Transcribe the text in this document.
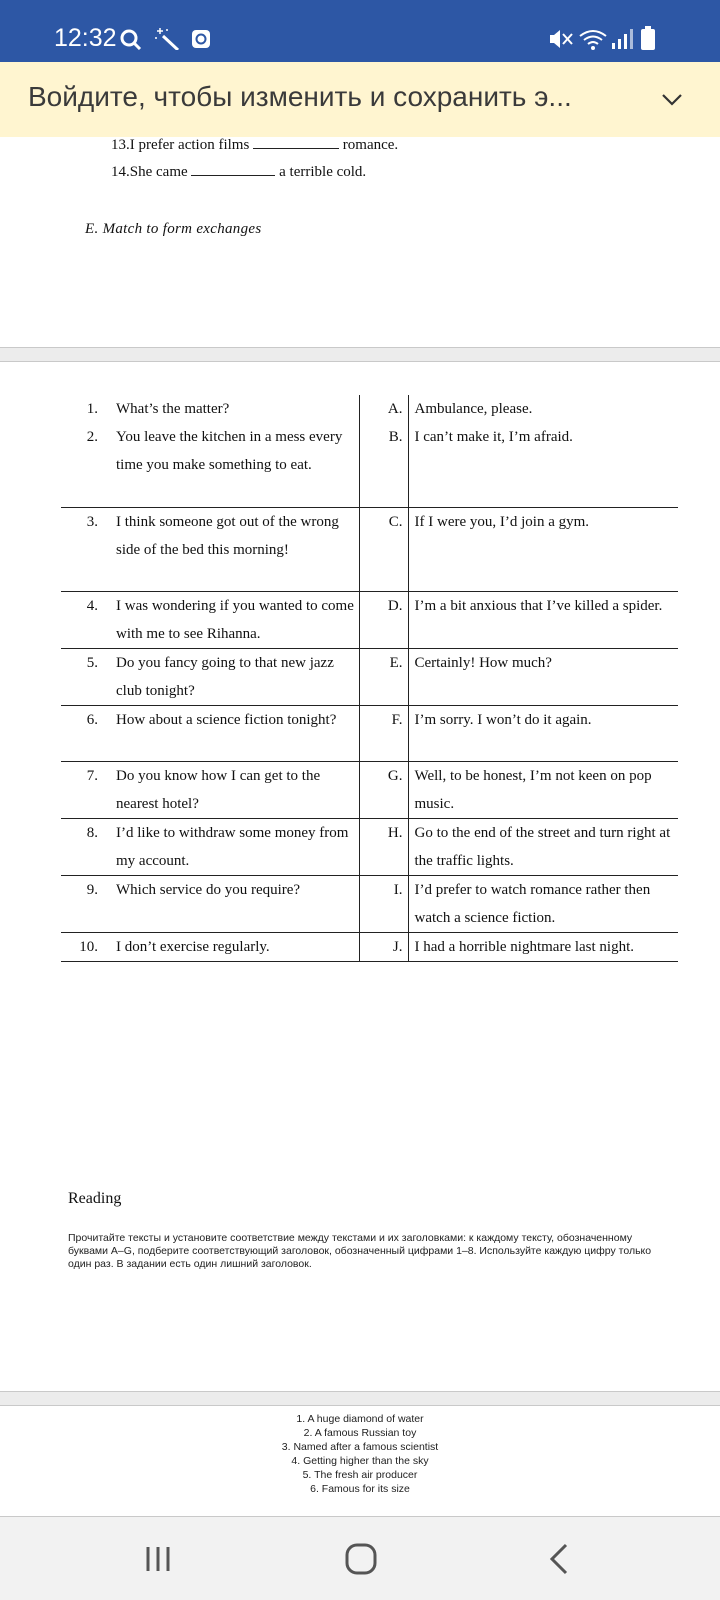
12:32
Войдите, чтобы изменить и сохранить э...
13.I prefer action films	romance.
14.She came	a terrible cold.
E. Match to form exchanges
1.	What’s the matter?	A.	Ambulance, please.
2.	You leave the kitchen in a mess every time you make something to eat.	B.	I can’t make it, I’m afraid.
3.	I think someone got out of the wrong side of the bed this morning!	C.	If I were you, I’d join a gym.
4.	I was wondering if you wanted to come with me to see Rihanna.	D.	I’m a bit anxious that I’ve killed a spider.
5.	Do you fancy going to that new jazz club tonight?	E.	Certainly! How much?
6.	How about a science fiction tonight?	F.	I’m sorry. I won’t do it again.
7.	Do you know how I can get to the nearest hotel?	G.	Well, to be honest, I’m not keen on pop music.
8.	I’d like to withdraw some money from my account.	H.	Go to the end of the street and turn right at the traffic lights.
9.	Which service do you require?	I.	I’d prefer to watch romance rather then watch a science fiction.
10.	I don’t exercise regularly.	J.	I had a horrible nightmare last night.
Reading
Прочитайте тексты и установите соответствие между текстами и их заголовками: к каждому тексту, обозначенному буквами A–G, подберите соответствующий заголовок, обозначенный цифрами 1–8. Используйте каждую цифру только один раз. В задании есть один лишний заголовок.
1. A huge diamond of water
2. A famous Russian toy
3. Named after a famous scientist
4. Getting higher than the sky
5. The fresh air producer
6. Famous for its size
